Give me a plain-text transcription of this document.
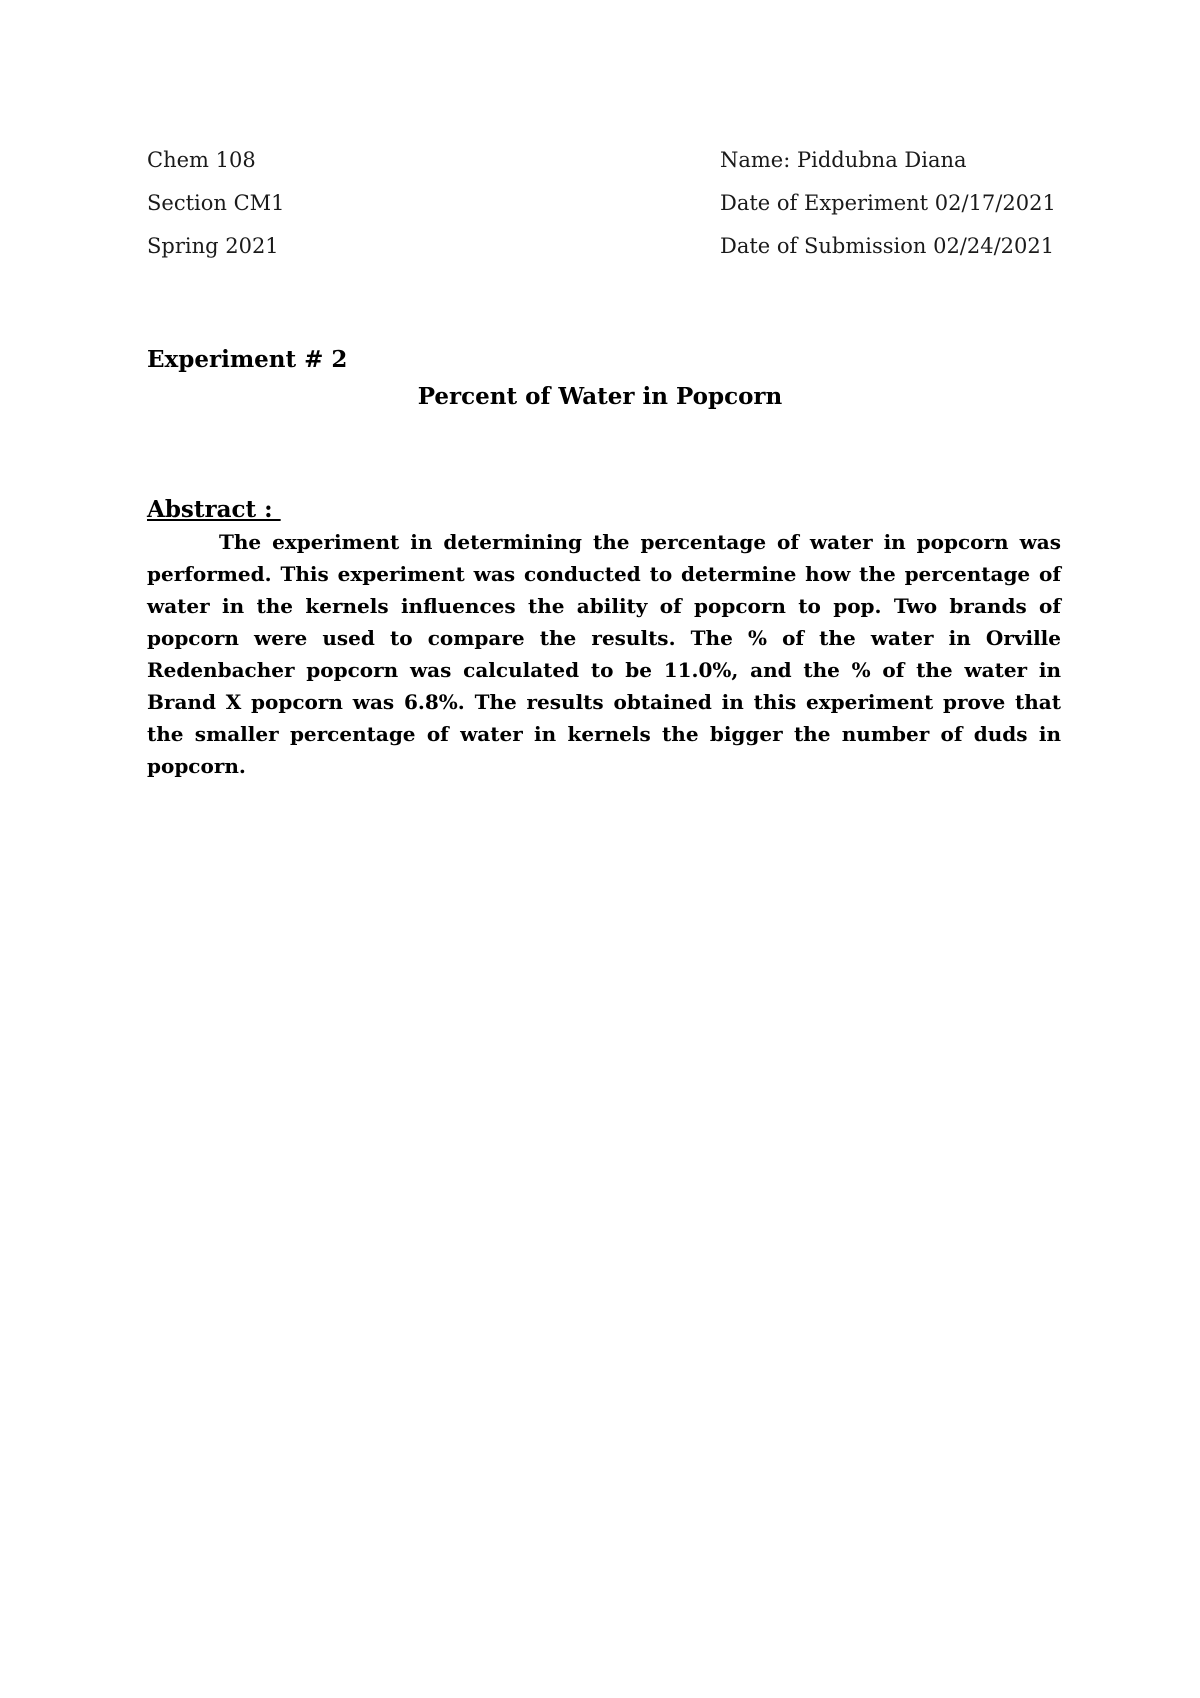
Chem 108
Section CM1
Spring 2021
Name: Piddubna Diana
Date of Experiment 02/17/2021
Date of Submission 02/24/2021
Experiment # 2
Percent of Water in Popcorn
Abstract :
The experiment in determining the percentage of water in popcorn was performed. This experiment was conducted to determine how the percentage of water in the kernels influences the ability of popcorn to pop. Two brands of popcorn were used to compare the results. The % of the water in Orville Redenbacher popcorn was calculated to be 11.0%, and the % of the water in Brand X popcorn was 6.8%. The results obtained in this experiment prove that the smaller percentage of water in kernels the bigger the number of duds in popcorn.
